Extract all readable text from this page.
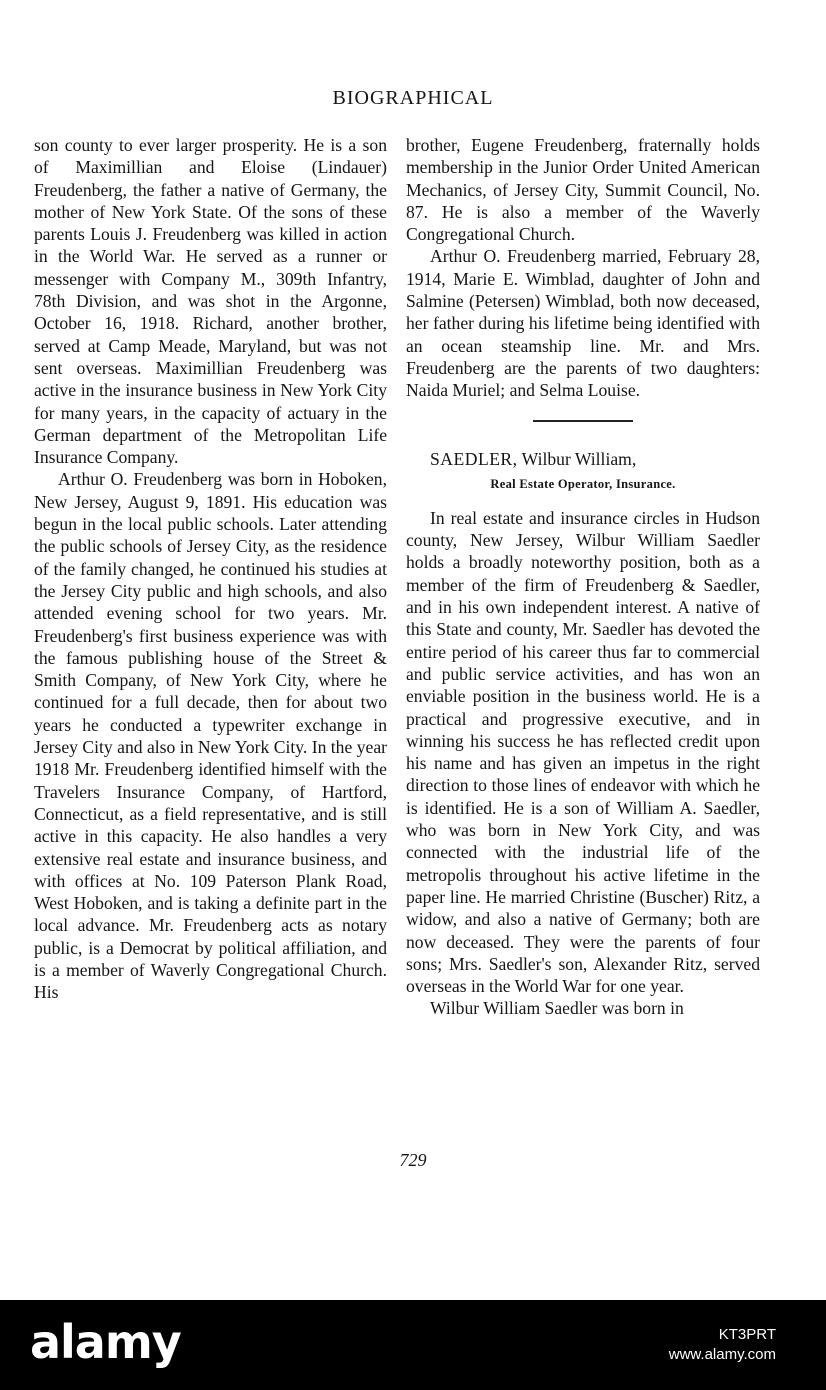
BIOGRAPHICAL

son county to ever larger prosperity. He is a son of Maximillian and Eloise (Lindauer) Freudenberg, the father a native of Germany, the mother of New York State. Of the sons of these parents Louis J. Freudenberg was killed in action in the World War. He served as a runner or messenger with Company M., 309th Infantry, 78th Division, and was shot in the Argonne, October 16, 1918. Richard, another brother, served at Camp Meade, Maryland, but was not sent overseas. Maximillian Freudenberg was active in the insurance business in New York City for many years, in the capacity of actuary in the German department of the Metropolitan Life Insurance Company.

Arthur O. Freudenberg was born in Hoboken, New Jersey, August 9, 1891. His education was begun in the local public schools. Later attending the public schools of Jersey City, as the residence of the family changed, he continued his studies at the Jersey City public and high schools, and also attended evening school for two years. Mr. Freudenberg's first business experience was with the famous publishing house of the Street & Smith Company, of New York City, where he continued for a full decade, then for about two years he conducted a typewriter exchange in Jersey City and also in New York City. In the year 1918 Mr. Freudenberg identified himself with the Travelers Insurance Company, of Hartford, Connecticut, as a field representative, and is still active in this capacity. He also handles a very extensive real estate and insurance business, and with offices at No. 109 Paterson Plank Road, West Hoboken, and is taking a definite part in the local advance. Mr. Freudenberg acts as notary public, is a Democrat by political affiliation, and is a member of Waverly Congregational Church. His

brother, Eugene Freudenberg, fraternally holds membership in the Junior Order United American Mechanics, of Jersey City, Summit Council, No. 87. He is also a member of the Waverly Congregational Church.

Arthur O. Freudenberg married, February 28, 1914, Marie E. Wimblad, daughter of John and Salmine (Petersen) Wimblad, both now deceased, her father during his lifetime being identified with an ocean steamship line. Mr. and Mrs. Freudenberg are the parents of two daughters: Naida Muriel; and Selma Louise.

SAEDLER, Wilbur William,

Real Estate Operator, Insurance.

In real estate and insurance circles in Hudson county, New Jersey, Wilbur William Saedler holds a broadly noteworthy position, both as a member of the firm of Freudenberg & Saedler, and in his own independent interest. A native of this State and county, Mr. Saedler has devoted the entire period of his career thus far to commercial and public service activities, and has won an enviable position in the business world. He is a practical and progressive executive, and in winning his success he has reflected credit upon his name and has given an impetus in the right direction to those lines of endeavor with which he is identified. He is a son of William A. Saedler, who was born in New York City, and was connected with the industrial life of the metropolis throughout his active lifetime in the paper line. He married Christine (Buscher) Ritz, a widow, and also a native of Germany; both are now deceased. They were the parents of four sons; Mrs. Saedler's son, Alexander Ritz, served overseas in the World War for one year.

Wilbur William Saedler was born in

729
alamy	KT3PRT
www.alamy.com
